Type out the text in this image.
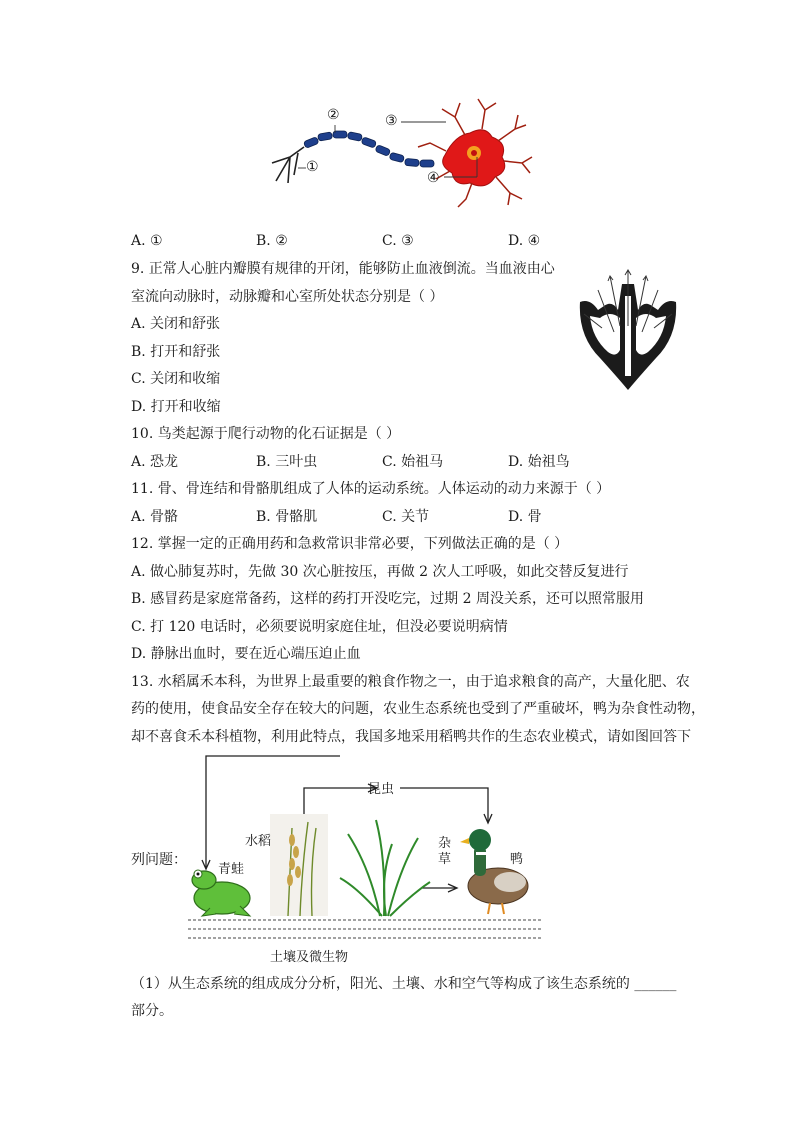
②	③
①
④
A. ①	B. ②	C. ③	D. ④
9. 正常人心脏内瓣膜有规律的开闭，能够防止血液倒流。当血液由心
室流向动脉时，动脉瓣和心室所处状态分别是（ ）
A. 关闭和舒张
B. 打开和舒张
C. 关闭和收缩
D. 打开和收缩
10. 鸟类起源于爬行动物的化石证据是（ ）
A. 恐龙	B. 三叶虫	C. 始祖马	D. 始祖鸟
11. 骨、骨连结和骨骼肌组成了人体的运动系统。人体运动的动力来源于（ ）
A. 骨骼	B. 骨骼肌	C. 关节	D. 骨
12. 掌握一定的正确用药和急救常识非常必要，下列做法正确的是（ ）
A. 做心肺复苏时，先做 30 次心脏按压，再做 2 次人工呼吸，如此交替反复进行
B. 感冒药是家庭常备药，这样的药打开没吃完，过期 2 周没关系，还可以照常服用
C. 打 120 电话时，必须要说明家庭住址，但没必要说明病情
D. 静脉出血时，要在近心端压迫止血
13. 水稻属禾本科，为世界上最重要的粮食作物之一，由于追求粮食的高产，大量化肥、农
药的使用，使食品安全存在较大的问题，农业生态系统也受到了严重破坏，鸭为杂食性动物，
却不喜食禾本科植物，利用此特点，我国多地采用稻鸭共作的生态农业模式，请如图回答下
列问题：
昆虫
水稻
青蛙
杂
草	鸭
土壤及微生物
（1）从生态系统的组成成分分析，阳光、土壤、水和空气等构成了该生态系统的 ______
部分。
